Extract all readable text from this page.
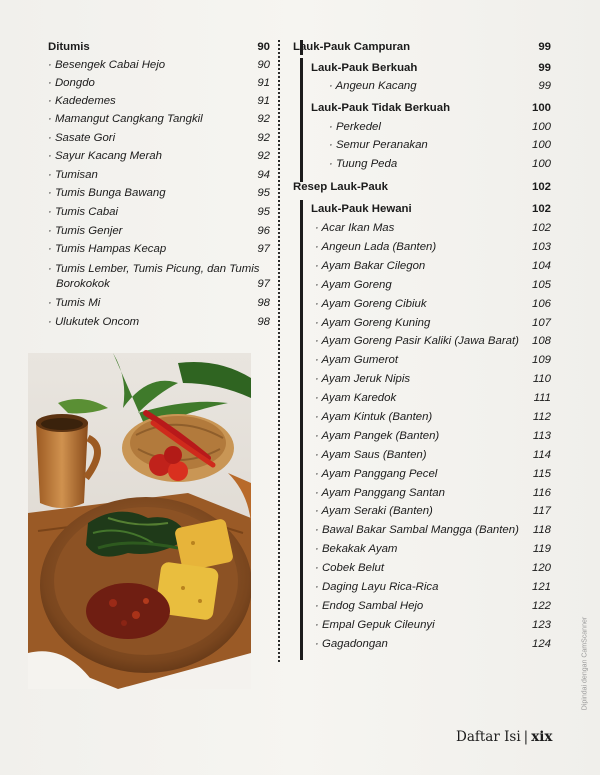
Ditumis	90
· Besengek Cabai Hejo	90
· Dongdo	91
· Kadedemes	91
· Mamangut Cangkang Tangkil	92
· Sasate Gori	92
· Sayur Kacang Merah	92
· Tumisan	94
· Tumis Bunga Bawang	95
· Tumis Cabai	95
· Tumis Genjer	96
· Tumis Hampas Kecap	97
· Tumis Lember, Tumis Picung, dan Tumis
Borokokok	97
· Tumis Mi	98
· Ulukutek Oncom	98
Lauk-Pauk Campuran	99
Lauk-Pauk Berkuah	99
· Angeun Kacang	99
Lauk-Pauk Tidak Berkuah	100
· Perkedel	100
· Semur Peranakan	100
· Tuung Peda	100
Resep Lauk-Pauk	102
Lauk-Pauk Hewani	102
· Acar Ikan Mas	102
· Angeun Lada (Banten)	103
· Ayam Bakar Cilegon	104
· Ayam Goreng	105
· Ayam Goreng Cibiuk	106
· Ayam Goreng Kuning	107
· Ayam Goreng Pasir Kaliki (Jawa Barat) 108
· Ayam Gumerot	109
· Ayam Jeruk Nipis	110
· Ayam Karedok	111
· Ayam Kintuk (Banten)	112
· Ayam Pangek (Banten)	113
· Ayam Saus (Banten)	114
· Ayam Panggang Pecel	115
· Ayam Panggang Santan	116
· Ayam Seraki (Banten)	117
· Bawal Bakar Sambal Mangga (Banten) 118
· Bekakak Ayam	119
· Cobek Belut	120
· Daging Layu Rica-Rica	121
· Endog Sambal Hejo	122
· Empal Gepuk Cileunyi	123
· Gagadongan	124
Daftar Isi | xix
Dipindai dengan CamScanner
